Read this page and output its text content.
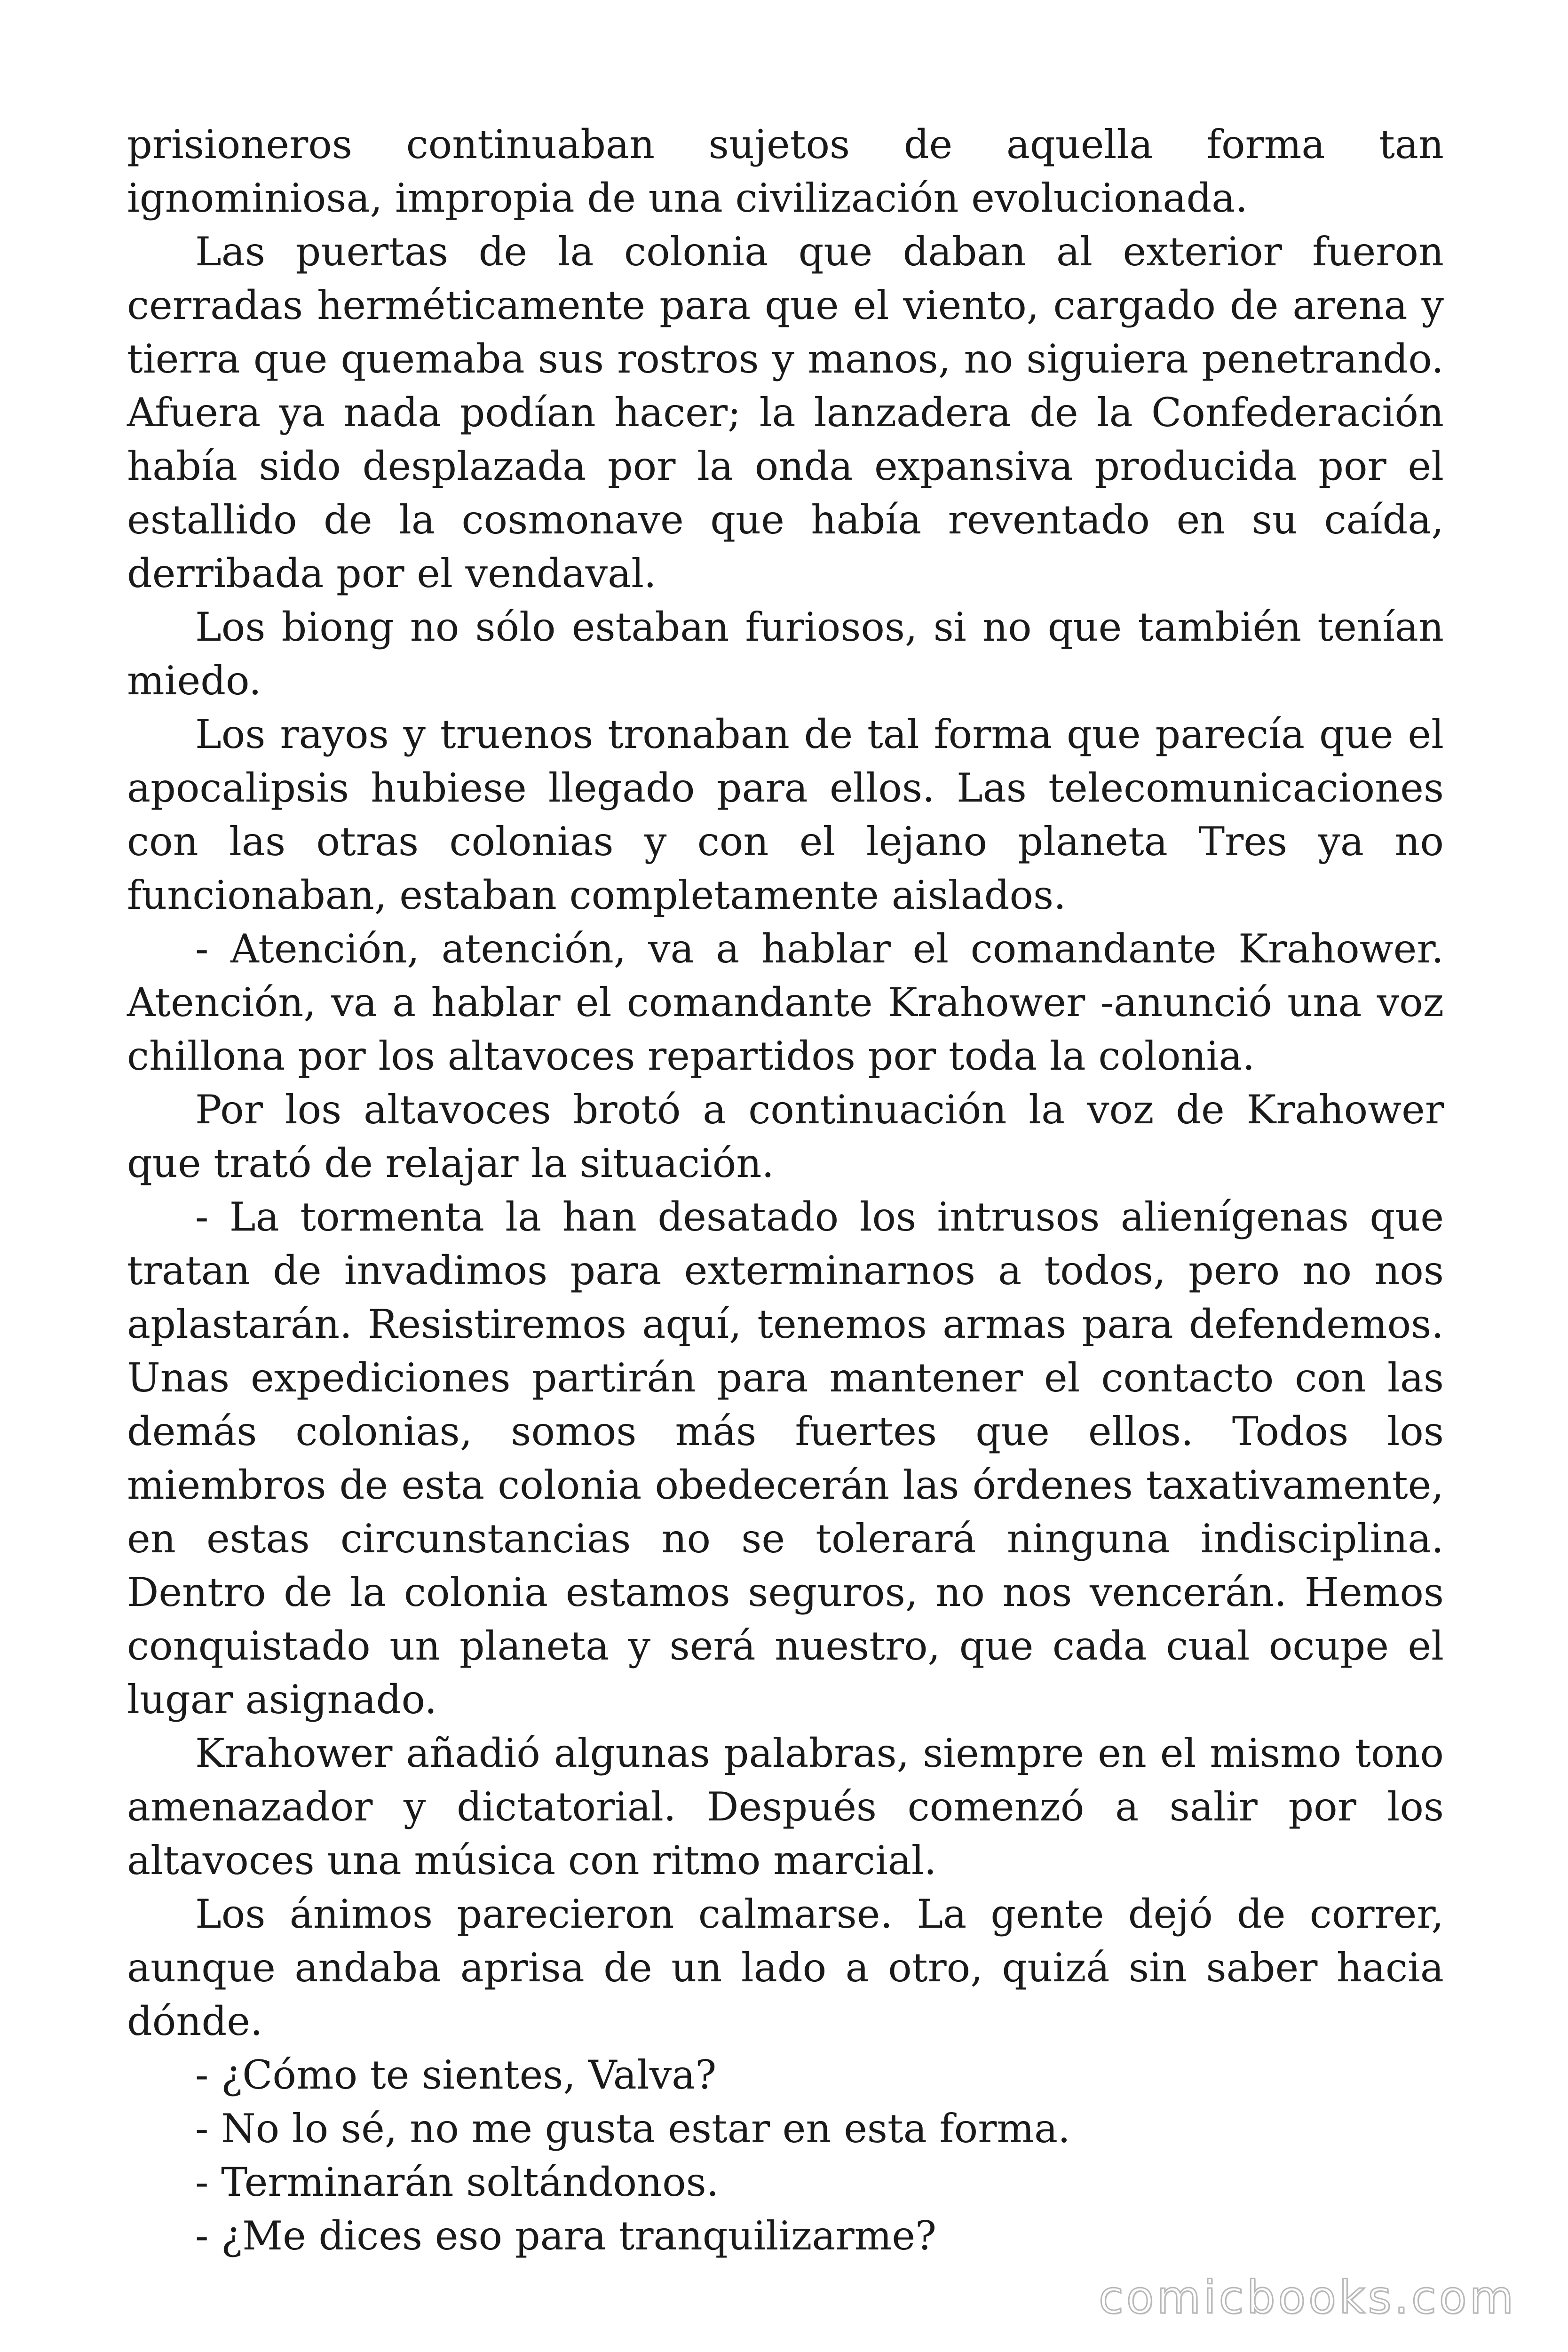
prisioneros continuaban sujetos de aquella forma tan ignominiosa, impropia de una civilización evolucionada.

Las puertas de la colonia que daban al exterior fueron cerradas herméticamente para que el viento, cargado de arena y tierra que quemaba sus rostros y manos, no siguiera penetrando. Afuera ya nada podían hacer; la lanzadera de la Confederación había sido desplazada por la onda expansiva producida por el estallido de la cosmonave que había reventado en su caída, derribada por el vendaval.

Los biong no sólo estaban furiosos, si no que también tenían miedo.

Los rayos y truenos tronaban de tal forma que parecía que el apocalipsis hubiese llegado para ellos. Las telecomunicaciones con las otras colonias y con el lejano planeta Tres ya no funcionaban, estaban completamente aislados.

- Atención, atención, va a hablar el comandante Krahower. Atención, va a hablar el comandante Krahower -anunció una voz chillona por los altavoces repartidos por toda la colonia.

Por los altavoces brotó a continuación la voz de Krahower que trató de relajar la situación.

- La tormenta la han desatado los intrusos alienígenas que tratan de invadimos para exterminarnos a todos, pero no nos aplastarán. Resistiremos aquí, tenemos armas para defendemos. Unas expediciones partirán para mantener el contacto con las demás colonias, somos más fuertes que ellos. Todos los miembros de esta colonia obedecerán las órdenes taxativamente, en estas circunstancias no se tolerará ninguna indisciplina. Dentro de la colonia estamos seguros, no nos vencerán. Hemos conquistado un planeta y será nuestro, que cada cual ocupe el lugar asignado.

Krahower añadió algunas palabras, siempre en el mismo tono amenazador y dictatorial. Después comenzó a salir por los altavoces una música con ritmo marcial.

Los ánimos parecieron calmarse. La gente dejó de correr, aunque andaba aprisa de un lado a otro, quizá sin saber hacia dónde.

- ¿Cómo te sientes, Valva?

- No lo sé, no me gusta estar en esta forma.

- Terminarán soltándonos.

- ¿Me dices eso para tranquilizarme?

comicbooks.com
